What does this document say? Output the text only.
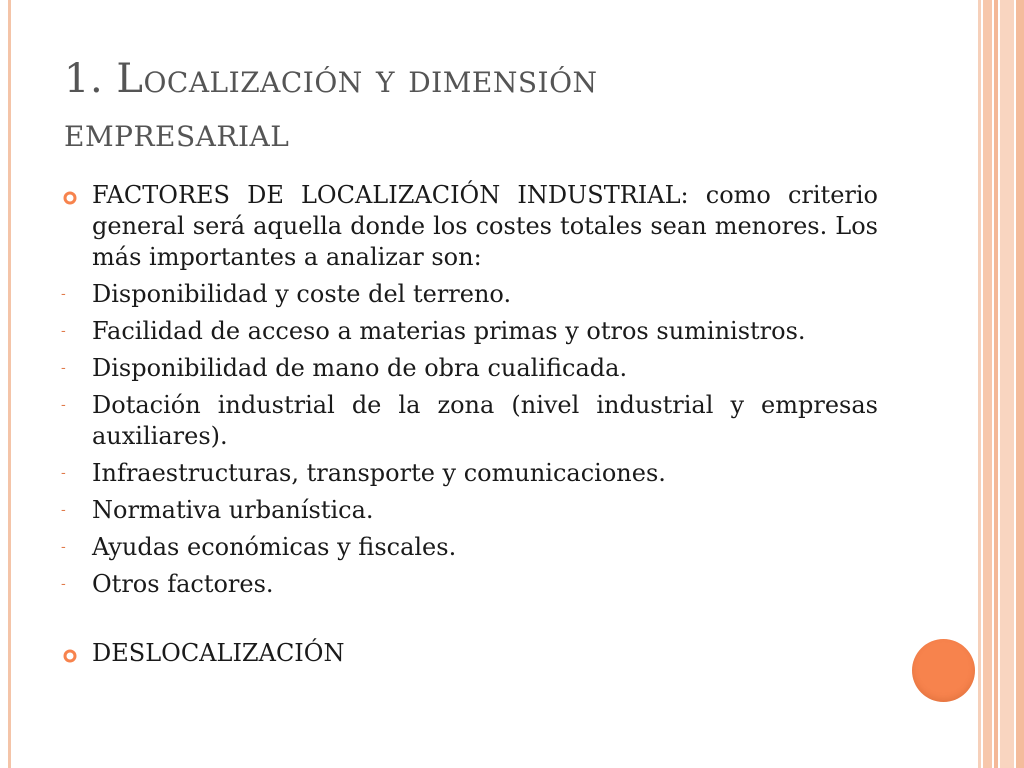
1. Localización y dimensión
empresarial
FACTORES DE LOCALIZACIÓN INDUSTRIAL: como criterio general será aquella donde los costes totales sean menores. Los más importantes a analizar son:
- Disponibilidad y coste del terreno.
- Facilidad de acceso a materias primas y otros suministros.
- Disponibilidad de mano de obra cualificada.
- Dotación industrial de la zona (nivel industrial y empresas auxiliares).
- Infraestructuras, transporte y comunicaciones.
- Normativa urbanística.
- Ayudas económicas y fiscales.
- Otros factores.
DESLOCALIZACIÓN
